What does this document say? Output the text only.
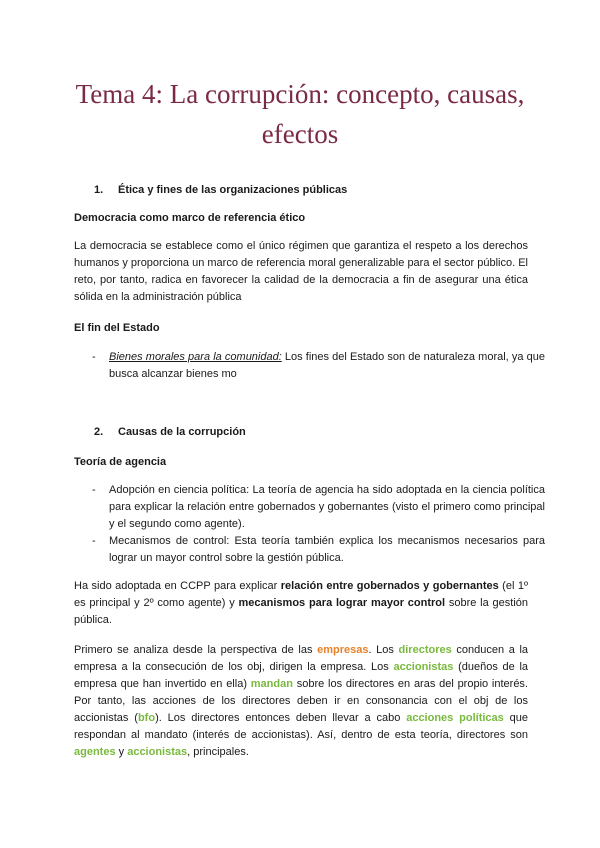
Tema 4: La corrupción: concepto, causas, efectos

1. Ética y fines de las organizaciones públicas

Democracia como marco de referencia ético

La democracia se establece como el único régimen que garantiza el respeto a los derechos humanos y proporciona un marco de referencia moral generalizable para el sector público. El reto, por tanto, radica en favorecer la calidad de la democracia a fin de asegurar una ética sólida en la administración pública

El fin del Estado

- Bienes morales para la comunidad: Los fines del Estado son de naturaleza moral, ya que busca alcanzar bienes mo

2. Causas de la corrupción

Teoría de agencia

- Adopción en ciencia política: La teoría de agencia ha sido adoptada en la ciencia política para explicar la relación entre gobernados y gobernantes (visto el primero como principal y el segundo como agente).

- Mecanismos de control: Esta teoría también explica los mecanismos necesarios para lograr un mayor control sobre la gestión pública.

Ha sido adoptada en CCPP para explicar relación entre gobernados y gobernantes (el 1º es principal y 2º como agente) y mecanismos para lograr mayor control sobre la gestión pública.

Primero se analiza desde la perspectiva de las empresas. Los directores conducen a la empresa a la consecución de los obj, dirigen la empresa. Los accionistas (dueños de la empresa que han invertido en ella) mandan sobre los directores en aras del propio interés. Por tanto, las acciones de los directores deben ir en consonancia con el obj de los accionistas (bfo). Los directores entonces deben llevar a cabo acciones políticas que respondan al mandato (interés de accionistas). Así, dentro de esta teoría, directores son agentes y accionistas, principales.
